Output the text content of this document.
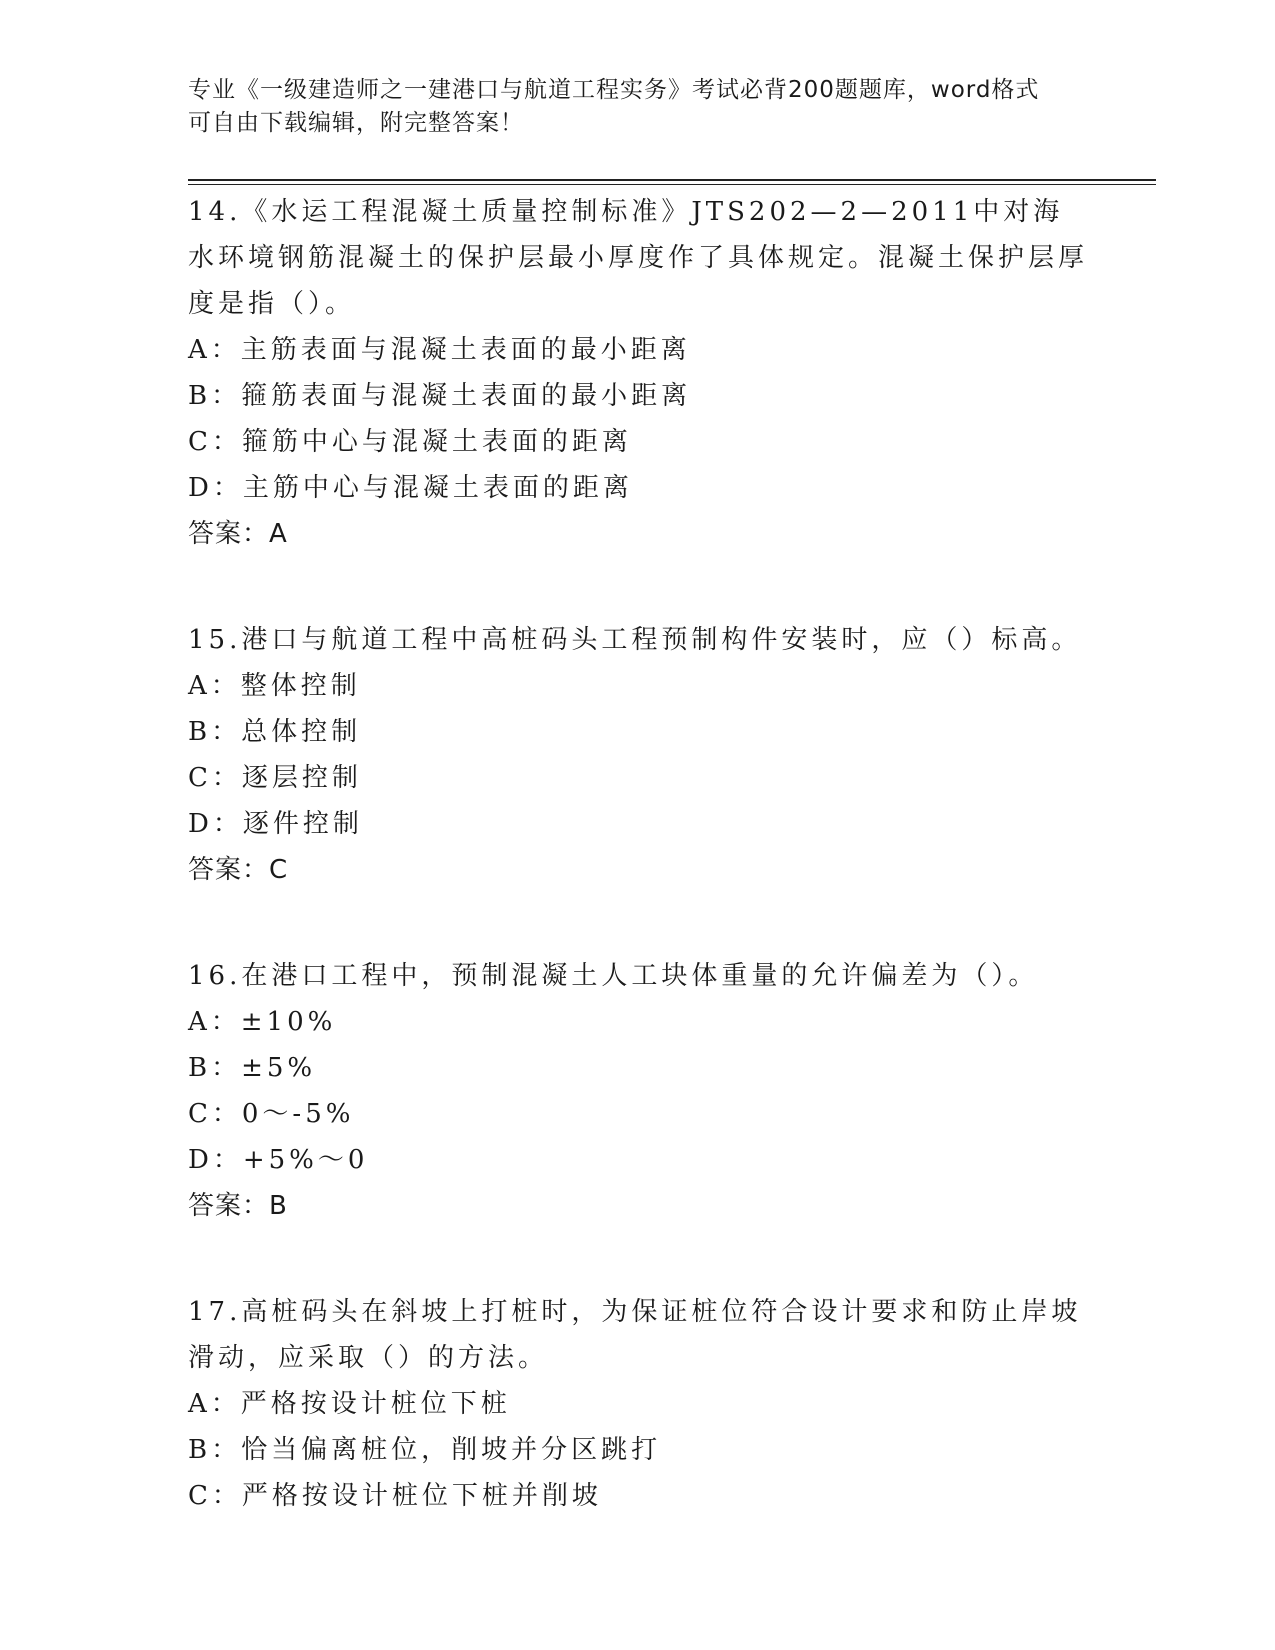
专业《一级建造师之一建港口与航道工程实务》考试必背200题题库，word格式
可自由下载编辑，附完整答案！

14.《水运工程混凝土质量控制标准》JTS202—2—2011中对海水环境钢筋混凝土的保护层最小厚度作了具体规定。混凝土保护层厚度是指（）。

A：主筋表面与混凝土表面的最小距离

B：箍筋表面与混凝土表面的最小距离

C：箍筋中心与混凝土表面的距离

D：主筋中心与混凝土表面的距离

答案：A

15.港口与航道工程中高桩码头工程预制构件安装时，应（）标高。

A：整体控制

B：总体控制

C：逐层控制

D：逐件控制

答案：C

16.在港口工程中，预制混凝土人工块体重量的允许偏差为（）。

A：±10%

B：±5%

C：0～-5%

D：+5%～0

答案：B

17.高桩码头在斜坡上打桩时，为保证桩位符合设计要求和防止岸坡滑动，应采取（）的方法。

A：严格按设计桩位下桩

B：恰当偏离桩位，削坡并分区跳打

C：严格按设计桩位下桩并削坡
